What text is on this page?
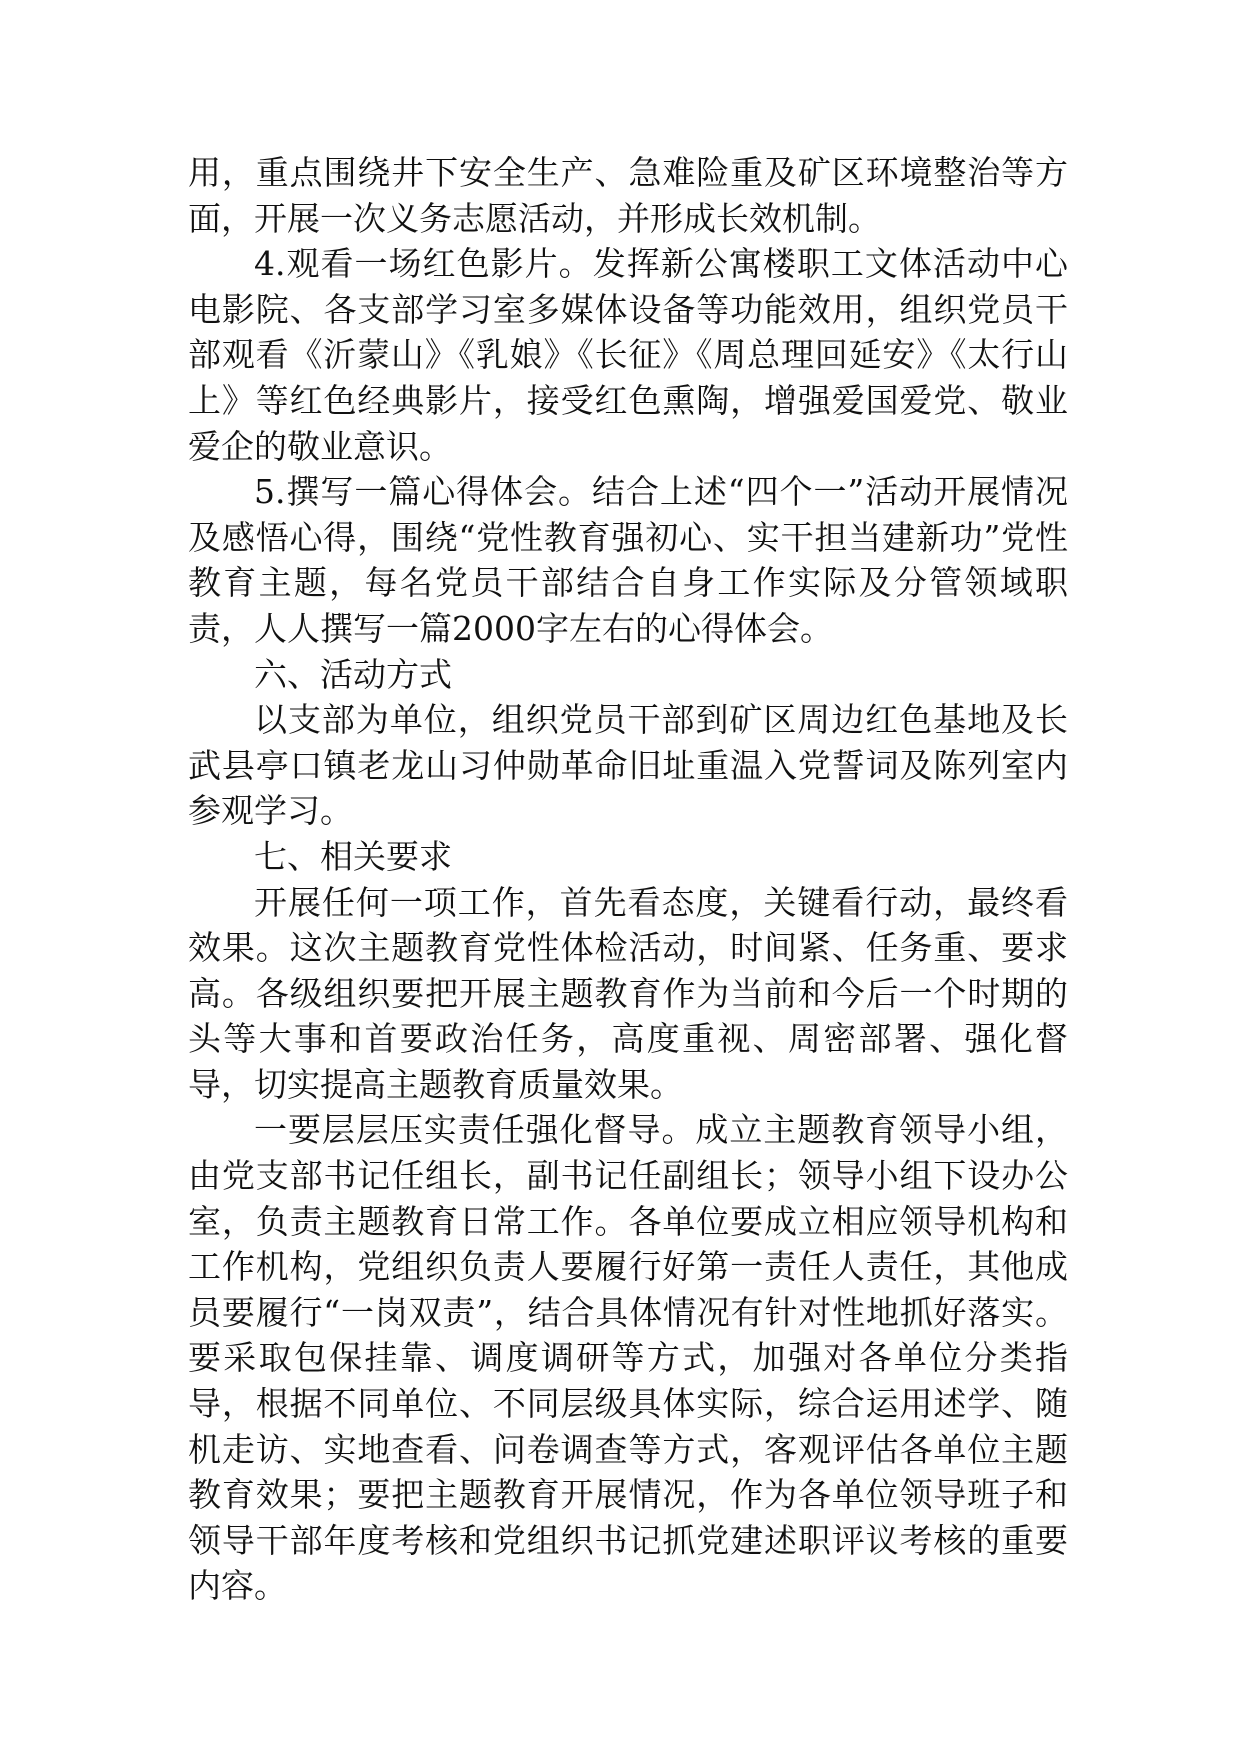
用，重点围绕井下安全生产、急难险重及矿区环境整治等方面，开展一次义务志愿活动，并形成长效机制。

4.观看一场红色影片。发挥新公寓楼职工文体活动中心电影院、各支部学习室多媒体设备等功能效用，组织党员干部观看《沂蒙山》《乳娘》《长征》《周总理回延安》《太行山上》等红色经典影片，接受红色熏陶，增强爱国爱党、敬业爱企的敬业意识。

5.撰写一篇心得体会。结合上述“四个一”活动开展情况及感悟心得，围绕“党性教育强初心、实干担当建新功”党性教育主题，每名党员干部结合自身工作实际及分管领域职责，人人撰写一篇2000字左右的心得体会。

六、活动方式

以支部为单位，组织党员干部到矿区周边红色基地及长武县亭口镇老龙山习仲勋革命旧址重温入党誓词及陈列室内参观学习。

七、相关要求

开展任何一项工作，首先看态度，关键看行动，最终看效果。这次主题教育党性体检活动，时间紧、任务重、要求高。各级组织要把开展主题教育作为当前和今后一个时期的头等大事和首要政治任务，高度重视、周密部署、强化督导，切实提高主题教育质量效果。

一要层层压实责任强化督导。成立主题教育领导小组，由党支部书记任组长，副书记任副组长；领导小组下设办公室，负责主题教育日常工作。各单位要成立相应领导机构和工作机构，党组织负责人要履行好第一责任人责任，其他成员要履行“一岗双责”，结合具体情况有针对性地抓好落实。要采取包保挂靠、调度调研等方式，加强对各单位分类指导，根据不同单位、不同层级具体实际，综合运用述学、随机走访、实地查看、问卷调查等方式，客观评估各单位主题教育效果；要把主题教育开展情况，作为各单位领导班子和领导干部年度考核和党组织书记抓党建述职评议考核的重要内容。
